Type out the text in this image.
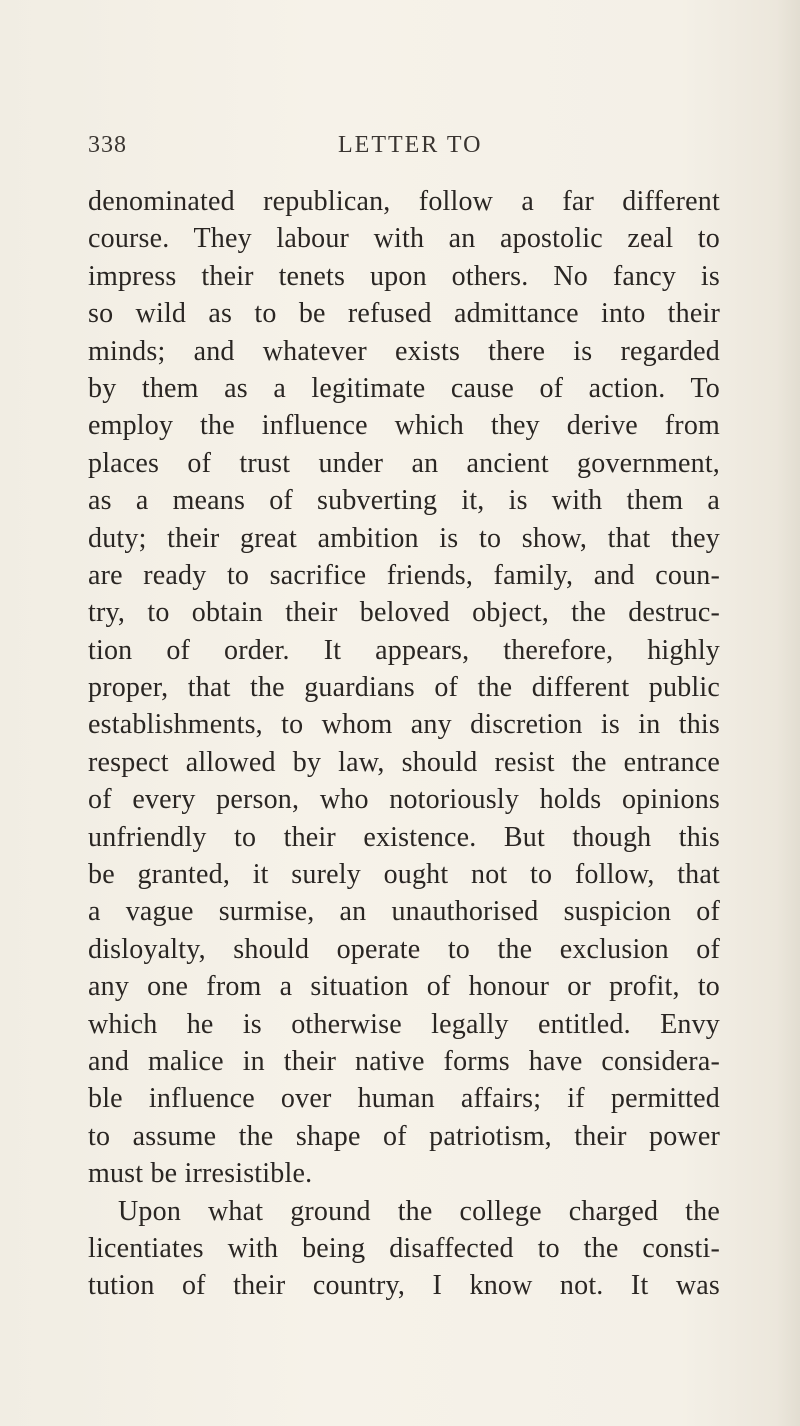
338	LETTER TO
denominated republican, follow a far different
course. They labour with an apostolic zeal to
impress their tenets upon others. No fancy is
so wild as to be refused admittance into their
minds; and whatever exists there is regarded
by them as a legitimate cause of action. To
employ the influence which they derive from
places of trust under an ancient government,
as a means of subverting it, is with them a
duty; their great ambition is to show, that they
are ready to sacrifice friends, family, and coun-
try, to obtain their beloved object, the destruc-
tion of order. It appears, therefore, highly
proper, that the guardians of the different public
establishments, to whom any discretion is in this
respect allowed by law, should resist the entrance
of every person, who notoriously holds opinions
unfriendly to their existence. But though this
be granted, it surely ought not to follow, that
a vague surmise, an unauthorised suspicion of
disloyalty, should operate to the exclusion of
any one from a situation of honour or profit, to
which he is otherwise legally entitled. Envy
and malice in their native forms have considera-
ble influence over human affairs; if permitted
to assume the shape of patriotism, their power
must be irresistible.
Upon what ground the college charged the
licentiates with being disaffected to the consti-
tution of their country, I know not. It was
